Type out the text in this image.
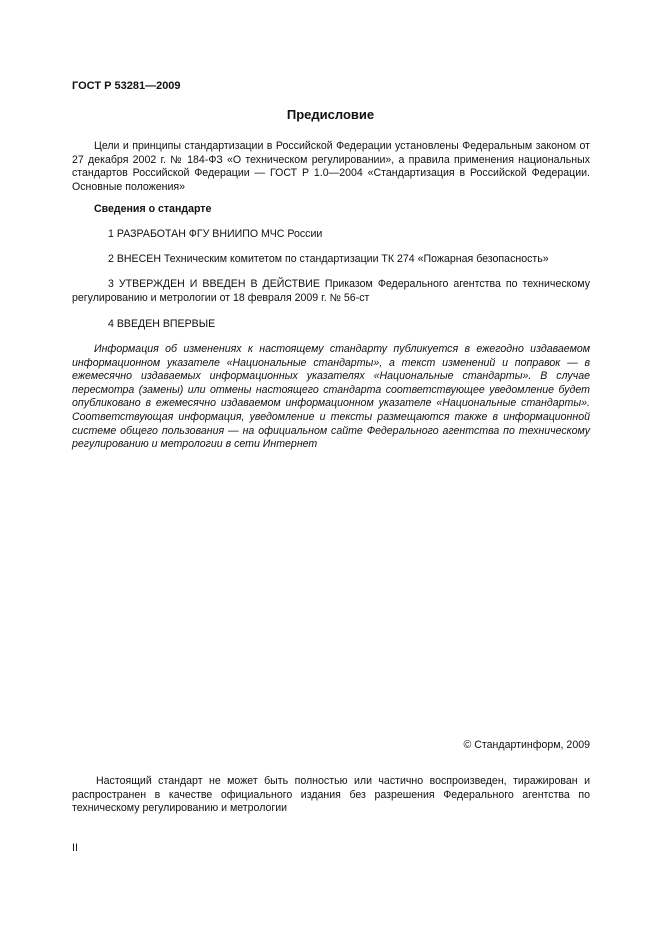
ГОСТ Р 53281—2009
Предисловие

Цели и принципы стандартизации в Российской Федерации установлены Федеральным законом от 27 декабря 2002 г. № 184-ФЗ «О техническом регулировании», а правила применения национальных стандартов Российской Федерации — ГОСТ Р 1.0—2004 «Стандартизация в Российской Федерации. Основные положения»

Сведения о стандарте

1 РАЗРАБОТАН ФГУ ВНИИПО МЧС России

2 ВНЕСЕН Техническим комитетом по стандартизации ТК 274 «Пожарная безопасность»

3 УТВЕРЖДЕН И ВВЕДЕН В ДЕЙСТВИЕ Приказом Федерального агентства по техническому регулированию и метрологии от 18 февраля 2009 г. № 56-ст

4 ВВЕДЕН ВПЕРВЫЕ

Информация об изменениях к настоящему стандарту публикуется в ежегодно издаваемом информационном указателе «Национальные стандарты», а текст изменений и поправок — в ежемесячно издаваемых информационных указателях «Национальные стандарты». В случае пересмотра (замены) или отмены настоящего стандарта соответствующее уведомление будет опубликовано в ежемесячно издаваемом информационном указателе «Национальные стандарты». Соответствующая информация, уведомление и тексты размещаются также в информационной системе общего пользования — на официальном сайте Федерального агентства по техническому регулированию и метрологии в сети Интернет

© Стандартинформ, 2009

Настоящий стандарт не может быть полностью или частично воспроизведен, тиражирован и распространен в качестве официального издания без разрешения Федерального агентства по техническому регулированию и метрологии

II
